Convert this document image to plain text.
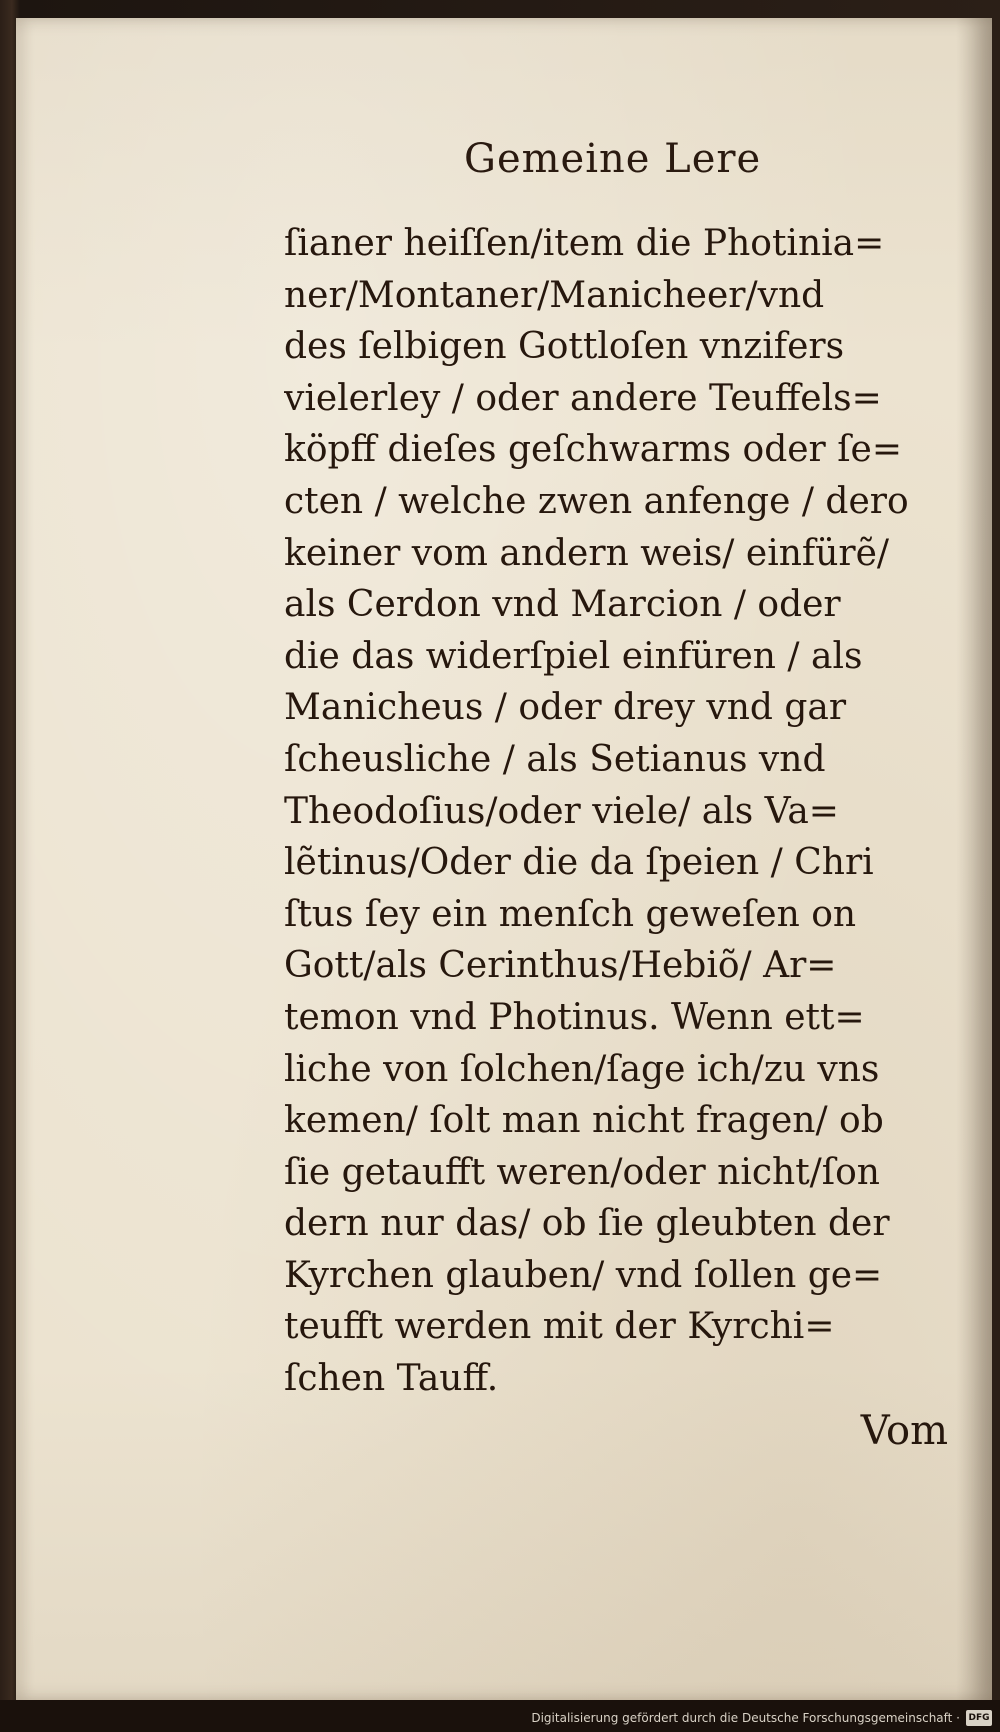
Gemeine Lere
ſianer heiſſen/item die Photinia=
ner/Montaner/Manicheer/vnd
des ſelbigen Gottloſen vnzifers
vielerley / oder andere Teuffels=
köpff dieſes geſchwarms oder ſe=
cten / welche zwen anfenge / dero
keiner vom andern weis/ einfürẽ/
als Cerdon vnd Marcion / oder
die das widerſpiel einfüren / als
Manicheus / oder drey vnd gar
ſcheusliche / als Setianus vnd
Theodoſius/oder viele/ als Va=
lẽtinus/Oder die da ſpeien / Chri
ſtus ſey ein menſch geweſen on
Gott/als Cerinthus/Hebiõ/ Ar=
temon vnd Photinus. Wenn ett=
liche von ſolchen/ſage ich/zu vns
kemen/ ſolt man nicht fragen/ ob
ſie getaufft weren/oder nicht/ſon
dern nur das/ ob ſie gleubten der
Kyrchen glauben/ vnd ſollen ge=
teufft werden mit der Kyrchi=
ſchen Tauff.
Vom
Digitalisierung gefördert durch die Deutsche Forschungsgemeinschaft · DFG
